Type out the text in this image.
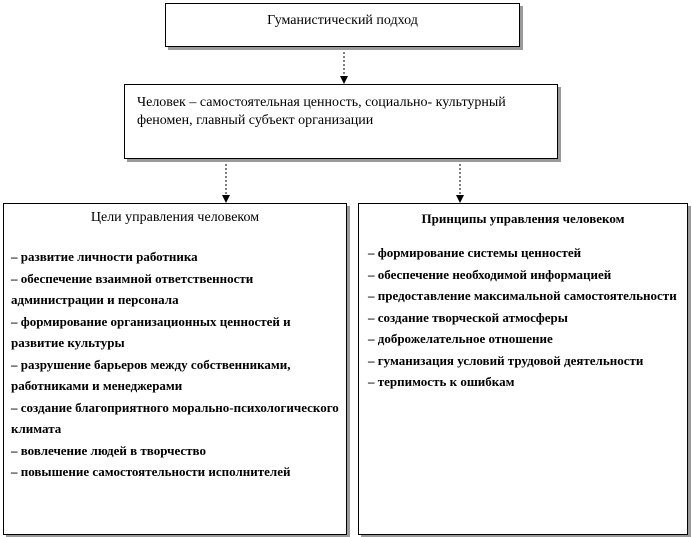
Гуманистический подход
Человек – самостоятельная ценность, социально- культурный феномен, главный субъект организации
Цели управления человеком
– развитие личности работника
– обеспечение взаимной ответственности администрации и персонала
– формирование организационных ценностей и развитие культуры
– разрушение барьеров между собственниками, работниками и менеджерами
– создание благоприятного морально-психологического климата
– вовлечение людей в творчество
– повышение самостоятельности исполнителей
Принципы управления человеком
– формирование системы ценностей
– обеспечение необходимой информацией
– предоставление максимальной самостоятельности
– создание творческой атмосферы
– доброжелательное отношение
– гуманизация условий трудовой деятельности
– терпимость к ошибкам
